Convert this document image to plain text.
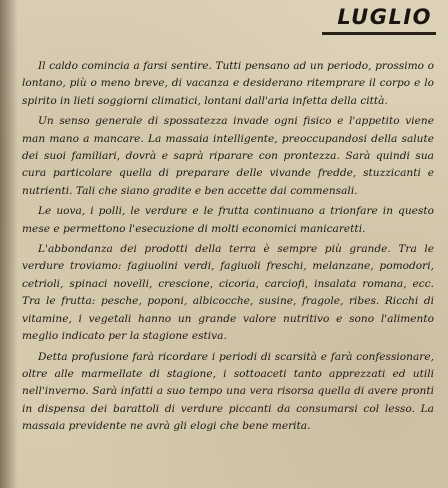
LUGLIO

Il caldo comincia a farsi sentire. Tutti pensano ad un periodo, prossimo o lontano, più o meno breve, di vacanza e desiderano ritemprare il corpo e lo spirito in lieti soggiorni climatici, lontani dall'aria infetta della città.

Un senso generale di spossatezza invade ogni fisico e l'appetito viene man mano a mancare. La massaia intelligente, preoccupandosi della salute dei suoi familiari, dovrà e saprà riparare con prontezza. Sarà quindi sua cura particolare quella di preparare delle vivande fredde, stuzzicanti e nutrienti. Tali che siano gradite e ben accette dai commensali.

Le uova, i polli, le verdure e le frutta continuano a trionfare in questo mese e permettono l'esecuzione di molti economici manicaretti.

L'abbondanza dei prodotti della terra è sempre più grande. Tra le verdure troviamo: fagiuolini verdi, fagiuoli freschi, melanzane, pomodori, cetrioli, spinaci novelli, crescione, cicoria, carciofi, insalata romana, ecc. Tra le frutta: pesche, poponi, albicocche, susine, fragole, ribes. Ricchi di vitamine, i vegetali hanno un grande valore nutritivo e sono l'alimento meglio indicato per la stagione estiva.

Detta profusione farà ricordare i periodi di scarsità e farà confessionare, oltre alle marmellate di stagione, i sottoaceti tanto apprezzati ed utili nell'inverno. Sarà infatti a suo tempo una vera risorsa quella di avere pronti in dispensa dei barattoli di verdure piccanti da consumarsi col lesso. La massaia previdente ne avrà gli elogi che bene merita.
